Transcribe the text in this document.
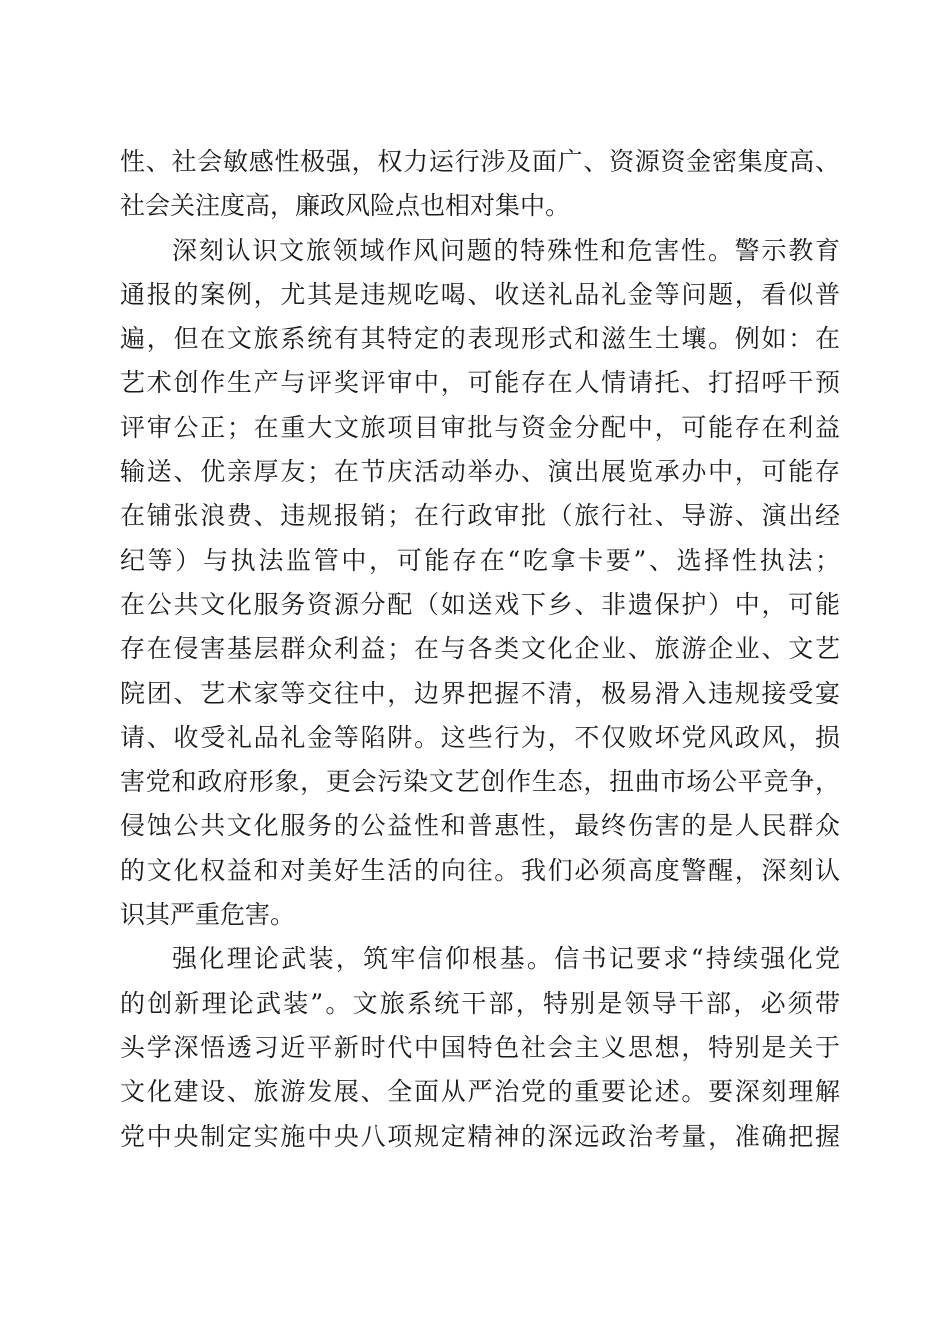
性、社会敏感性极强，权力运行涉及面广、资源资金密集度高、
社会关注度高，廉政风险点也相对集中。
深刻认识文旅领域作风问题的特殊性和危害性。警示教育
通报的案例，尤其是违规吃喝、收送礼品礼金等问题，看似普
遍，但在文旅系统有其特定的表现形式和滋生土壤。例如：在
艺术创作生产与评奖评审中，可能存在人情请托、打招呼干预
评审公正；在重大文旅项目审批与资金分配中，可能存在利益
输送、优亲厚友；在节庆活动举办、演出展览承办中，可能存
在铺张浪费、违规报销；在行政审批（旅行社、导游、演出经
纪等）与执法监管中，可能存在“吃拿卡要”、选择性执法；
在公共文化服务资源分配（如送戏下乡、非遗保护）中，可能
存在侵害基层群众利益；在与各类文化企业、旅游企业、文艺
院团、艺术家等交往中，边界把握不清，极易滑入违规接受宴
请、收受礼品礼金等陷阱。这些行为，不仅败坏党风政风，损
害党和政府形象，更会污染文艺创作生态，扭曲市场公平竞争，
侵蚀公共文化服务的公益性和普惠性，最终伤害的是人民群众
的文化权益和对美好生活的向往。我们必须高度警醒，深刻认
识其严重危害。
强化理论武装，筑牢信仰根基。信书记要求“持续强化党
的创新理论武装”。文旅系统干部，特别是领导干部，必须带
头学深悟透习近平新时代中国特色社会主义思想，特别是关于
文化建设、旅游发展、全面从严治党的重要论述。要深刻理解
党中央制定实施中央八项规定精神的深远政治考量，准确把握
